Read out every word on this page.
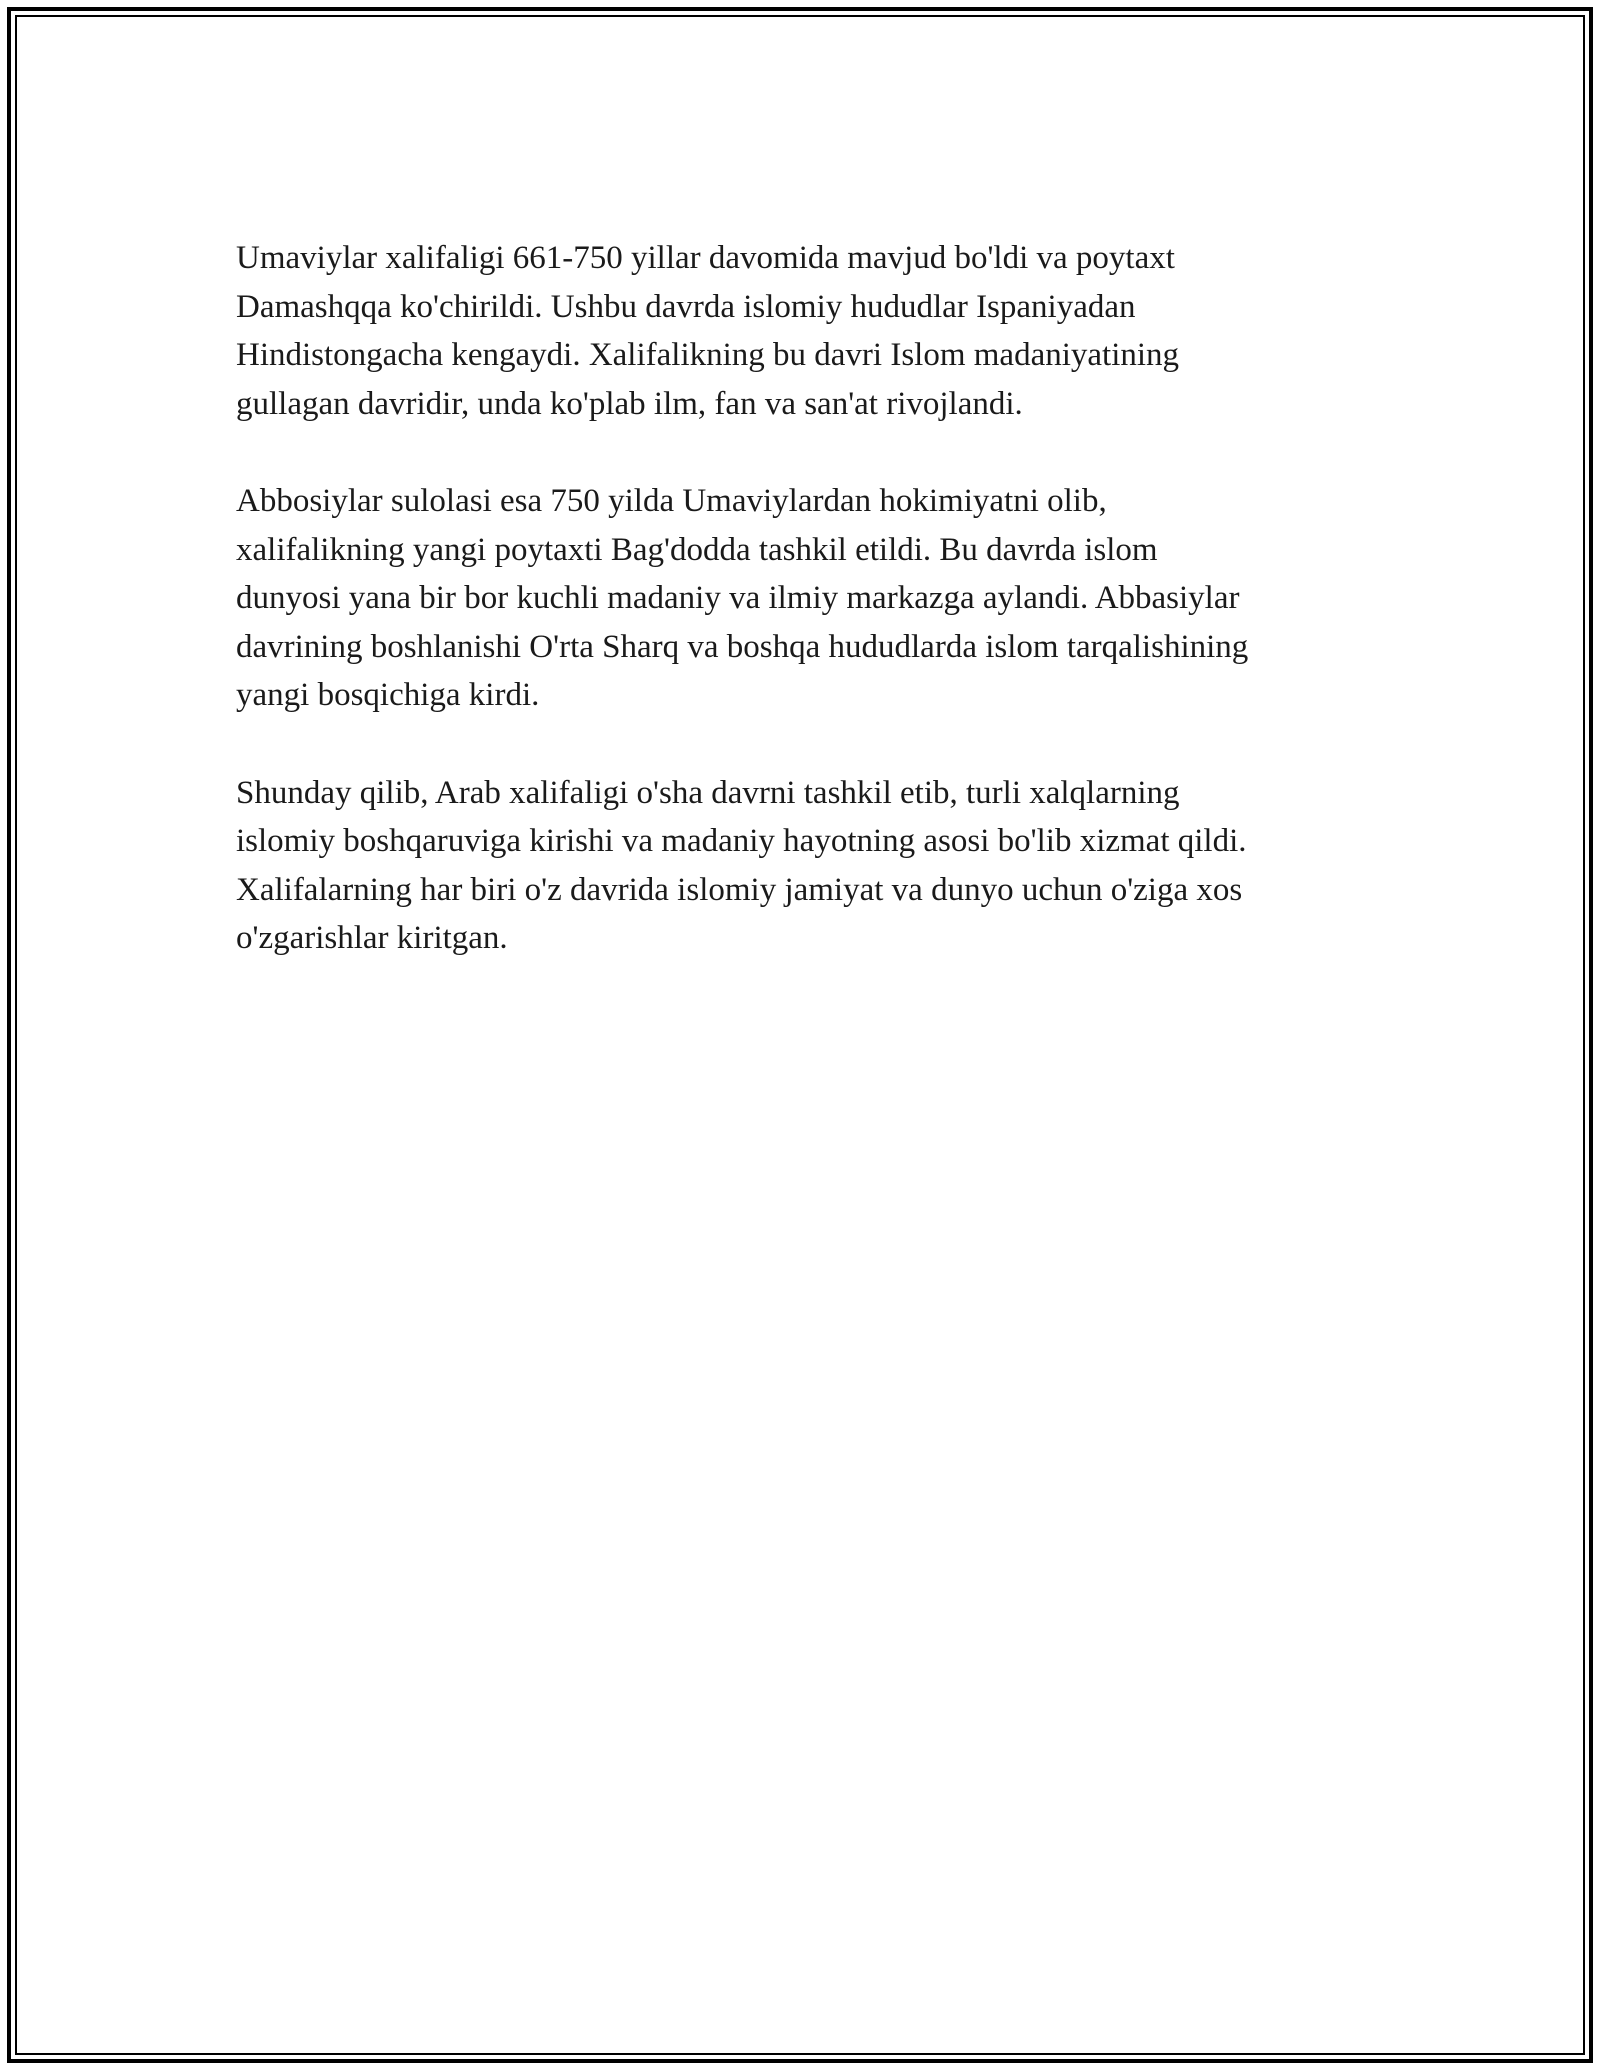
Umaviylar xalifaligi 661-750 yillar davomida mavjud bo'ldi va poytaxt
Damashqqa ko'chirildi. Ushbu davrda islomiy hududlar Ispaniyadan
Hindistongacha kengaydi. Xalifalikning bu davri Islom madaniyatining
gullagan davridir, unda ko'plab ilm, fan va san'at rivojlandi.

Abbosiylar sulolasi esa 750 yilda Umaviylardan hokimiyatni olib,
xalifalikning yangi poytaxti Bag'dodda tashkil etildi. Bu davrda islom
dunyosi yana bir bor kuchli madaniy va ilmiy markazga aylandi. Abbasiylar
davrining boshlanishi O'rta Sharq va boshqa hududlarda islom tarqalishining
yangi bosqichiga kirdi.

Shunday qilib, Arab xalifaligi o'sha davrni tashkil etib, turli xalqlarning
islomiy boshqaruviga kirishi va madaniy hayotning asosi bo'lib xizmat qildi.
Xalifalarning har biri o'z davrida islomiy jamiyat va dunyo uchun o'ziga xos
o'zgarishlar kiritgan.
